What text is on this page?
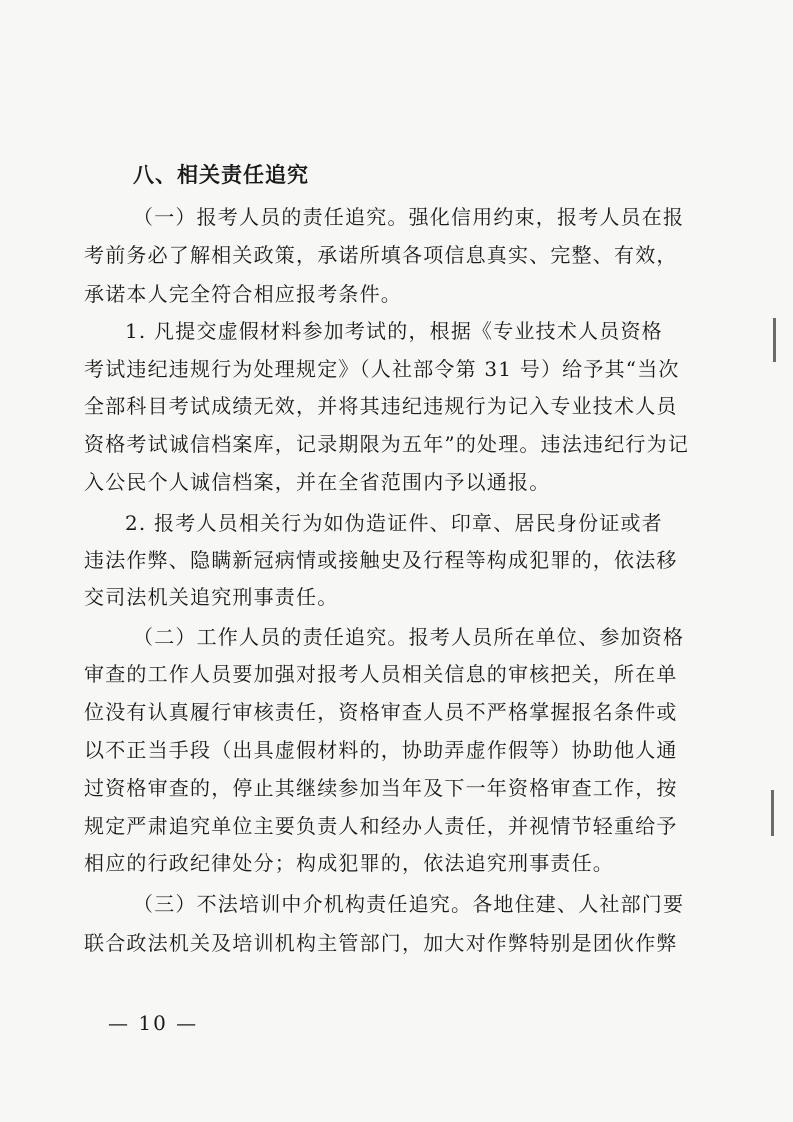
八、相关责任追究
（一）报考人员的责任追究。强化信用约束，报考人员在报
考前务必了解相关政策，承诺所填各项信息真实、完整、有效，
承诺本人完全符合相应报考条件。
1. 凡提交虚假材料参加考试的，根据《专业技术人员资格
考试违纪违规行为处理规定》（人社部令第 31 号）给予其“当次
全部科目考试成绩无效，并将其违纪违规行为记入专业技术人员
资格考试诚信档案库，记录期限为五年”的处理。违法违纪行为记
入公民个人诚信档案，并在全省范围内予以通报。
2. 报考人员相关行为如伪造证件、印章、居民身份证或者
违法作弊、隐瞒新冠病情或接触史及行程等构成犯罪的，依法移
交司法机关追究刑事责任。
（二）工作人员的责任追究。报考人员所在单位、参加资格
审查的工作人员要加强对报考人员相关信息的审核把关，所在单
位没有认真履行审核责任，资格审查人员不严格掌握报名条件或
以不正当手段（出具虚假材料的，协助弄虚作假等）协助他人通
过资格审查的，停止其继续参加当年及下一年资格审查工作，按
规定严肃追究单位主要负责人和经办人责任，并视情节轻重给予
相应的行政纪律处分；构成犯罪的，依法追究刑事责任。
（三）不法培训中介机构责任追究。各地住建、人社部门要
联合政法机关及培训机构主管部门，加大对作弊特别是团伙作弊
— 10 —
